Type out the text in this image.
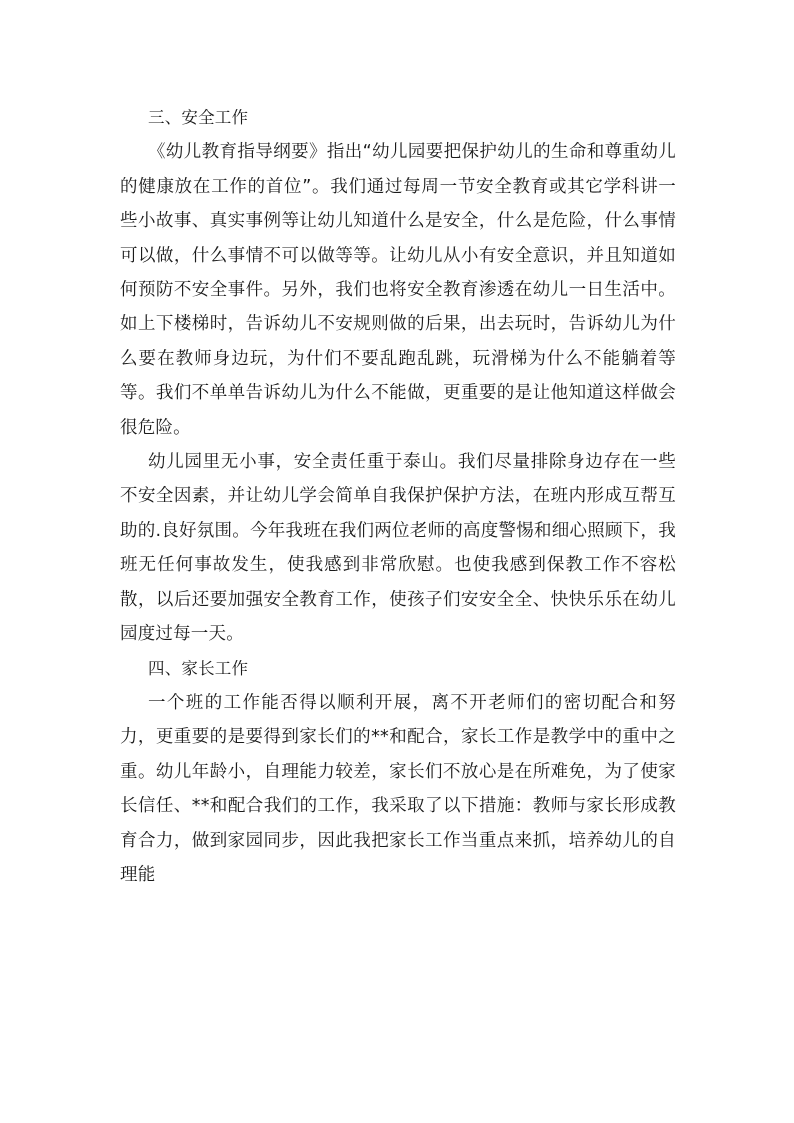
三、安全工作

《幼儿教育指导纲要》指出“幼儿园要把保护幼儿的生命和尊重幼儿的健康放在工作的首位”。我们通过每周一节安全教育或其它学科讲一些小故事、真实事例等让幼儿知道什么是安全，什么是危险，什么事情可以做，什么事情不可以做等等。让幼儿从小有安全意识，并且知道如何预防不安全事件。另外，我们也将安全教育渗透在幼儿一日生活中。如上下楼梯时，告诉幼儿不安规则做的后果，出去玩时，告诉幼儿为什么要在教师身边玩，为什们不要乱跑乱跳，玩滑梯为什么不能躺着等等。我们不单单告诉幼儿为什么不能做，更重要的是让他知道这样做会很危险。

幼儿园里无小事，安全责任重于泰山。我们尽量排除身边存在一些不安全因素，并让幼儿学会简单自我保护保护方法，在班内形成互帮互助的.良好氛围。今年我班在我们两位老师的高度警惕和细心照顾下，我班无任何事故发生，使我感到非常欣慰。也使我感到保教工作不容松散，以后还要加强安全教育工作，使孩子们安安全全、快快乐乐在幼儿园度过每一天。

四、家长工作

一个班的工作能否得以顺利开展，离不开老师们的密切配合和努力，更重要的是要得到家长们的**和配合，家长工作是教学中的重中之重。幼儿年龄小，自理能力较差，家长们不放心是在所难免，为了使家长信任、**和配合我们的工作，我采取了以下措施：教师与家长形成教育合力，做到家园同步，因此我把家长工作当重点来抓，培养幼儿的自理能
